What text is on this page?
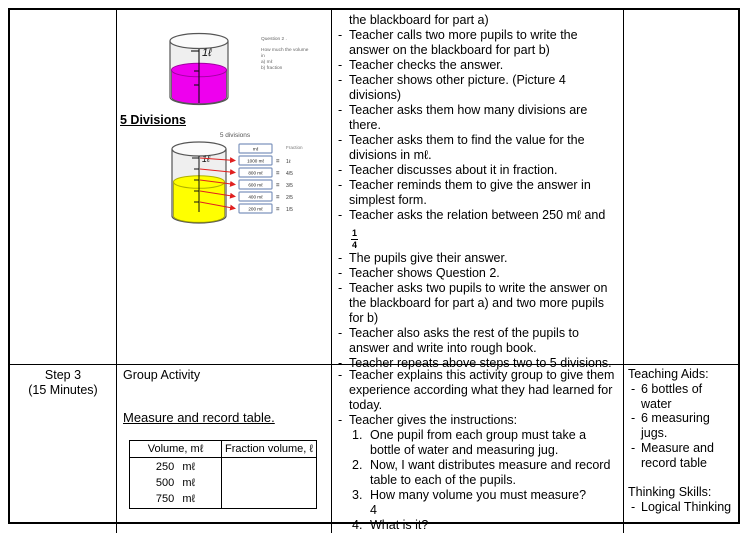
1ℓ
Question 2 .
How much the volume
in
a) mℓ
b) fraction
5 Divisions
5 divisions
1ℓ
mℓ
1000 mℓ
800 mℓ
600 mℓ
400 mℓ
200 mℓ
=
=
=
=
=
Fraction
1ℓ
4/5
3/5
2/5
1/5
the blackboard for part a)
- Teacher calls two more pupils to write the answer on the blackboard for part b)
- Teacher checks the answer.
- Teacher shows other picture. (Picture 4 divisions)
- Teacher asks them how many divisions are there.
- Teacher asks them to find the value for the divisions in mℓ.
- Teacher discusses about it in fraction.
- Teacher reminds them to give the answer in simplest form.
- Teacher asks the relation between 250 mℓ and
$\frac{1}{4}$
- The pupils give their answer.
- Teacher shows Question 2.
- Teacher asks two pupils to write the answer on the blackboard for part a) and two more pupils for b)
- Teacher also asks the rest of the pupils to answer and write into rough book.
- Teacher repeats above steps two to 5 divisions.
Step 3
(15 Minutes)
Group Activity
Measure and record table.
Volume, mℓ	Fraction volume, ℓ
250 mℓ
500 mℓ
750 mℓ
- Teacher explains this activity group to give them experience according what they had learned for today.
- Teacher gives the instructions:
1. One pupil from each group must take a bottle of water and measuring jug.
2. Now, I want distributes measure and record table to each of the pupils.
3. How many volume you must measure?
4
4. What is it?
Teaching Aids:
- 6 bottles of water
- 6 measuring jugs.
- Measure and record table
Thinking Skills:
- Logical Thinking
